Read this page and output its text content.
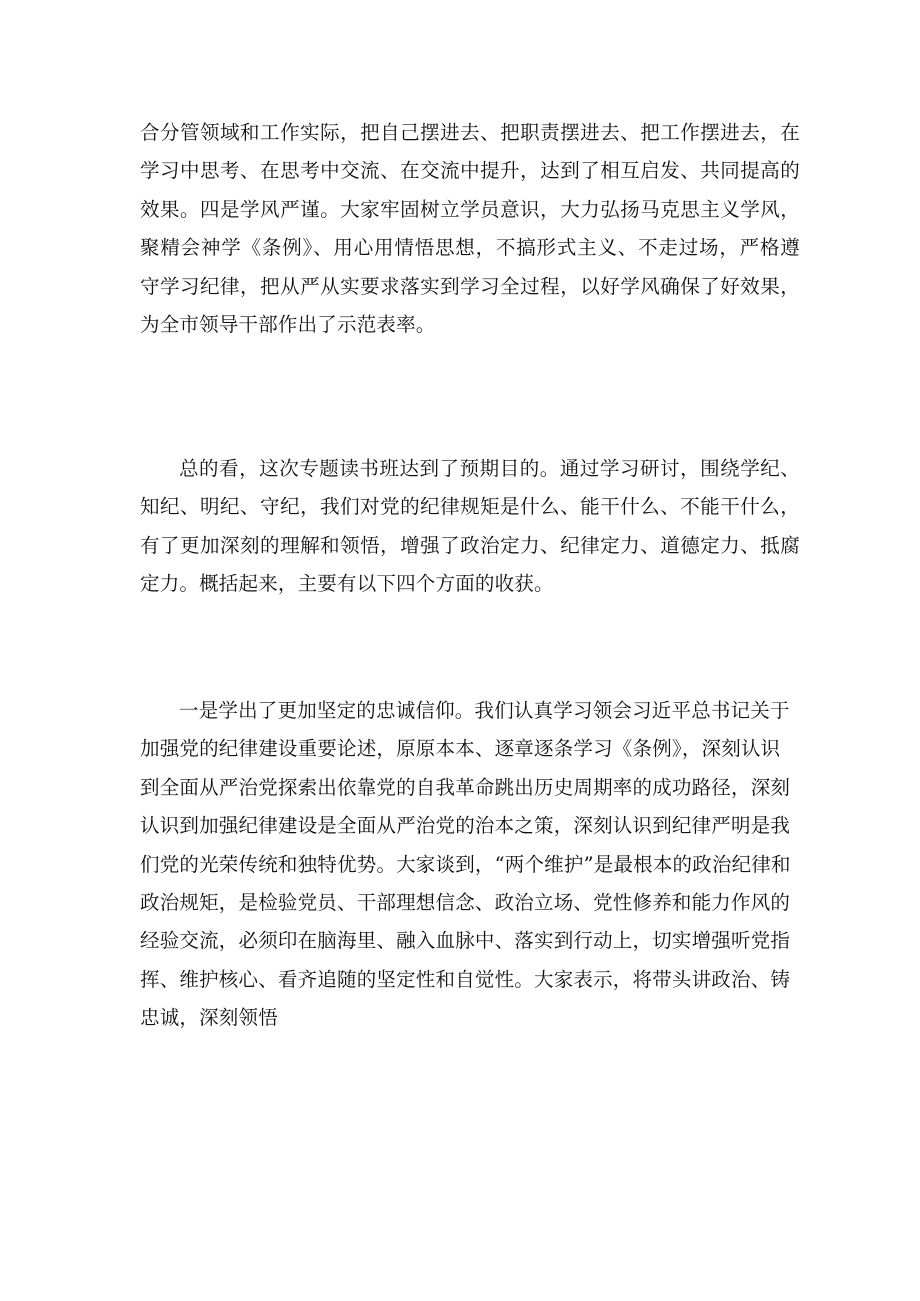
合分管领域和工作实际，把自己摆进去、把职责摆进去、把工作摆进去，在学习中思考、在思考中交流、在交流中提升，达到了相互启发、共同提高的效果。四是学风严谨。大家牢固树立学员意识，大力弘扬马克思主义学风，聚精会神学《条例》、用心用情悟思想，不搞形式主义、不走过场，严格遵守学习纪律，把从严从实要求落实到学习全过程，以好学风确保了好效果，为全市领导干部作出了示范表率。

总的看，这次专题读书班达到了预期目的。通过学习研讨，围绕学纪、知纪、明纪、守纪，我们对党的纪律规矩是什么、能干什么、不能干什么，有了更加深刻的理解和领悟，增强了政治定力、纪律定力、道德定力、抵腐定力。概括起来，主要有以下四个方面的收获。

一是学出了更加坚定的忠诚信仰。我们认真学习领会习近平总书记关于加强党的纪律建设重要论述，原原本本、逐章逐条学习《条例》，深刻认识到全面从严治党探索出依靠党的自我革命跳出历史周期率的成功路径，深刻认识到加强纪律建设是全面从严治党的治本之策，深刻认识到纪律严明是我们党的光荣传统和独特优势。大家谈到，“两个维护”是最根本的政治纪律和政治规矩，是检验党员、干部理想信念、政治立场、党性修养和能力作风的经验交流，必须印在脑海里、融入血脉中、落实到行动上，切实增强听党指挥、维护核心、看齐追随的坚定性和自觉性。大家表示，将带头讲政治、铸忠诚，深刻领悟
